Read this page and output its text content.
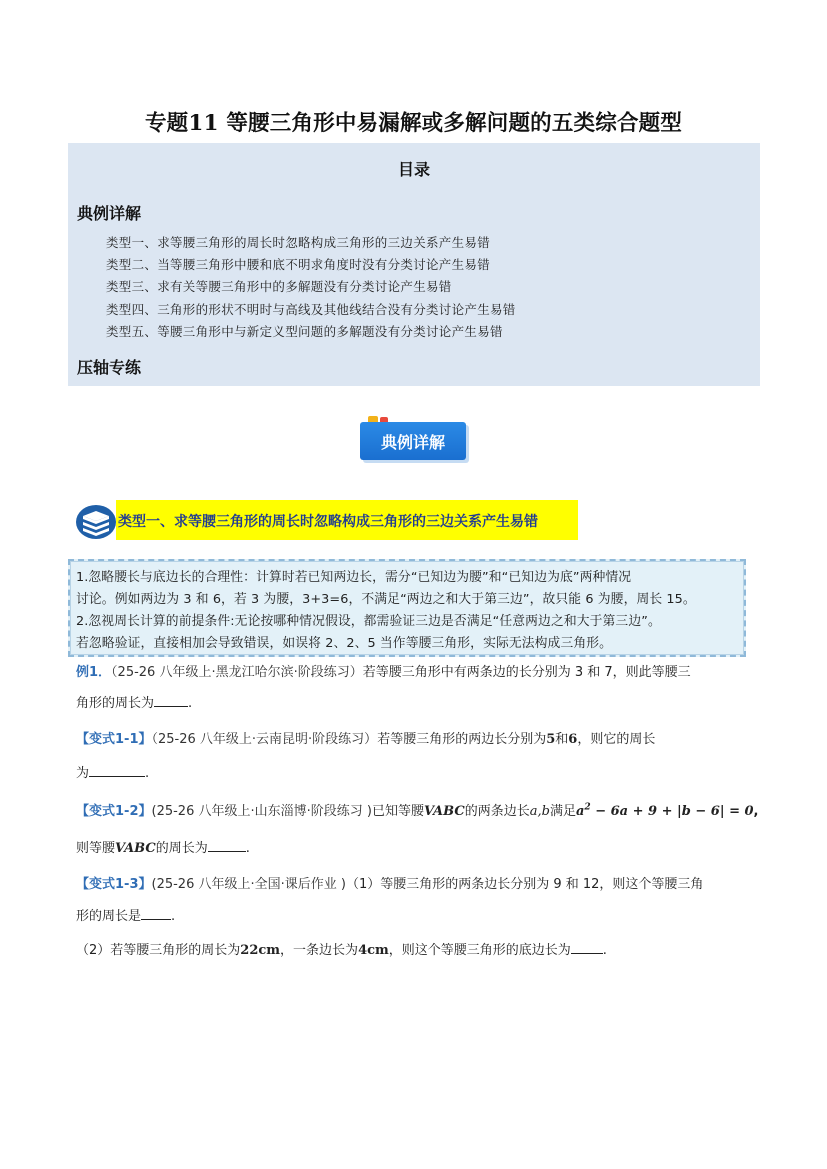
专题11 等腰三角形中易漏解或多解问题的五类综合题型
目录
典例详解
类型一、求等腰三角形的周长时忽略构成三角形的三边关系产生易错
类型二、当等腰三角形中腰和底不明求角度时没有分类讨论产生易错
类型三、求有关等腰三角形中的多解题没有分类讨论产生易错
类型四、三角形的形状不明时与高线及其他线结合没有分类讨论产生易错
类型五、等腰三角形中与新定义型问题的多解题没有分类讨论产生易错
压轴专练
典例详解
类型一、求等腰三角形的周长时忽略构成三角形的三边关系产生易错

1.忽略腰长与底边长的合理性：计算时若已知两边长，需分“已知边为腰”和“已知边为底”两种情况

讨论。例如两边为 3 和 6，若 3 为腰，3+3=6，不满足“两边之和大于第三边”，故只能 6 为腰，周长 15。

2.忽视周长计算的前提条件:无论按哪种情况假设，都需验证三边是否满足“任意两边之和大于第三边”。

若忽略验证，直接相加会导致错误，如误将 2、2、5 当作等腰三角形，实际无法构成三角形。

例1．（25-26 八年级上·黑龙江哈尔滨·阶段练习）若等腰三角形中有两条边的长分别为 3 和 7，则此等腰三
角形的周长为	.
【变式1-1】（25-26 八年级上·云南昆明·阶段练习）若等腰三角形的两边长分别为5和6，则它的周长
为	.
【变式1-2】(25-26 八年级上·山东淄博·阶段练习 )已知等腰VABC的两条边长a,b满足$a^2 - 6a + 9 + |b - 6| = 0$,
则等腰VABC的周长为	.
【变式1-3】(25-26 八年级上·全国·课后作业 )（1）等腰三角形的两条边长分别为 9 和 12，则这个等腰三角
形的周长是 .
（2）若等腰三角形的周长为22cm，一条边长为4cm，则这个等腰三角形的底边长为 .
